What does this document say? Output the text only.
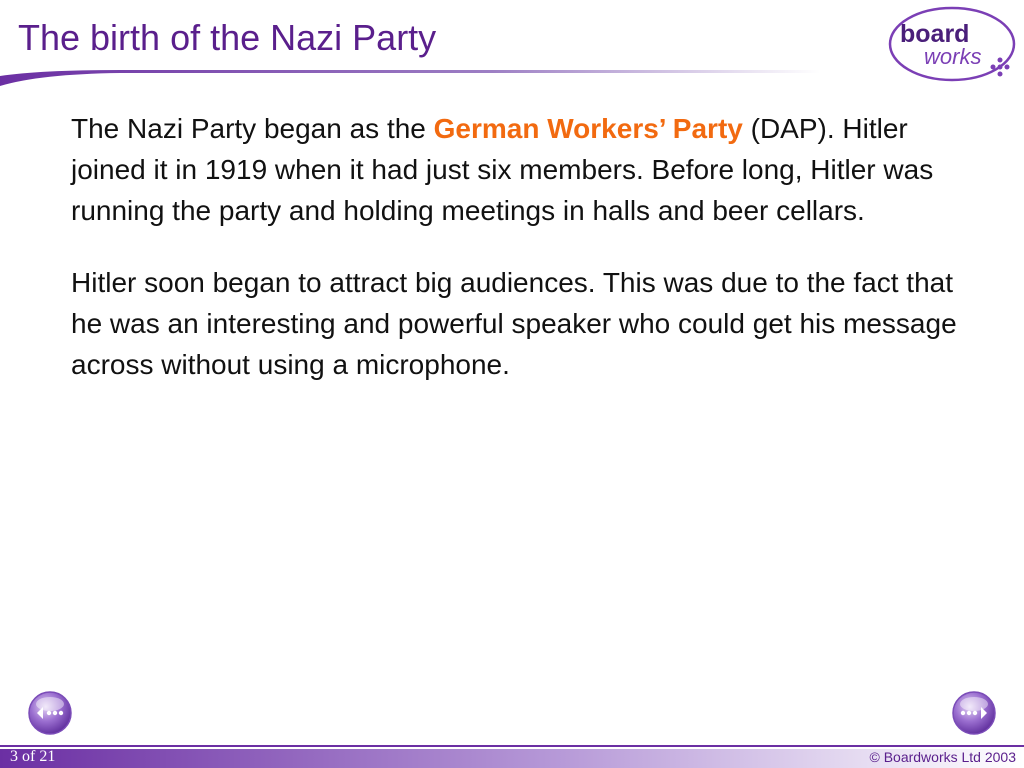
The birth of the Nazi Party	board
works

The Nazi Party began as the German Workers’ Party (DAP). Hitler joined it in 1919 when it had just six members. Before long, Hitler was running the party and holding meetings in halls and beer cellars.

Hitler soon began to attract big audiences. This was due to the fact that he was an interesting and powerful speaker who could get his message across without using a microphone.

3 of 21	© Boardworks Ltd 2003
